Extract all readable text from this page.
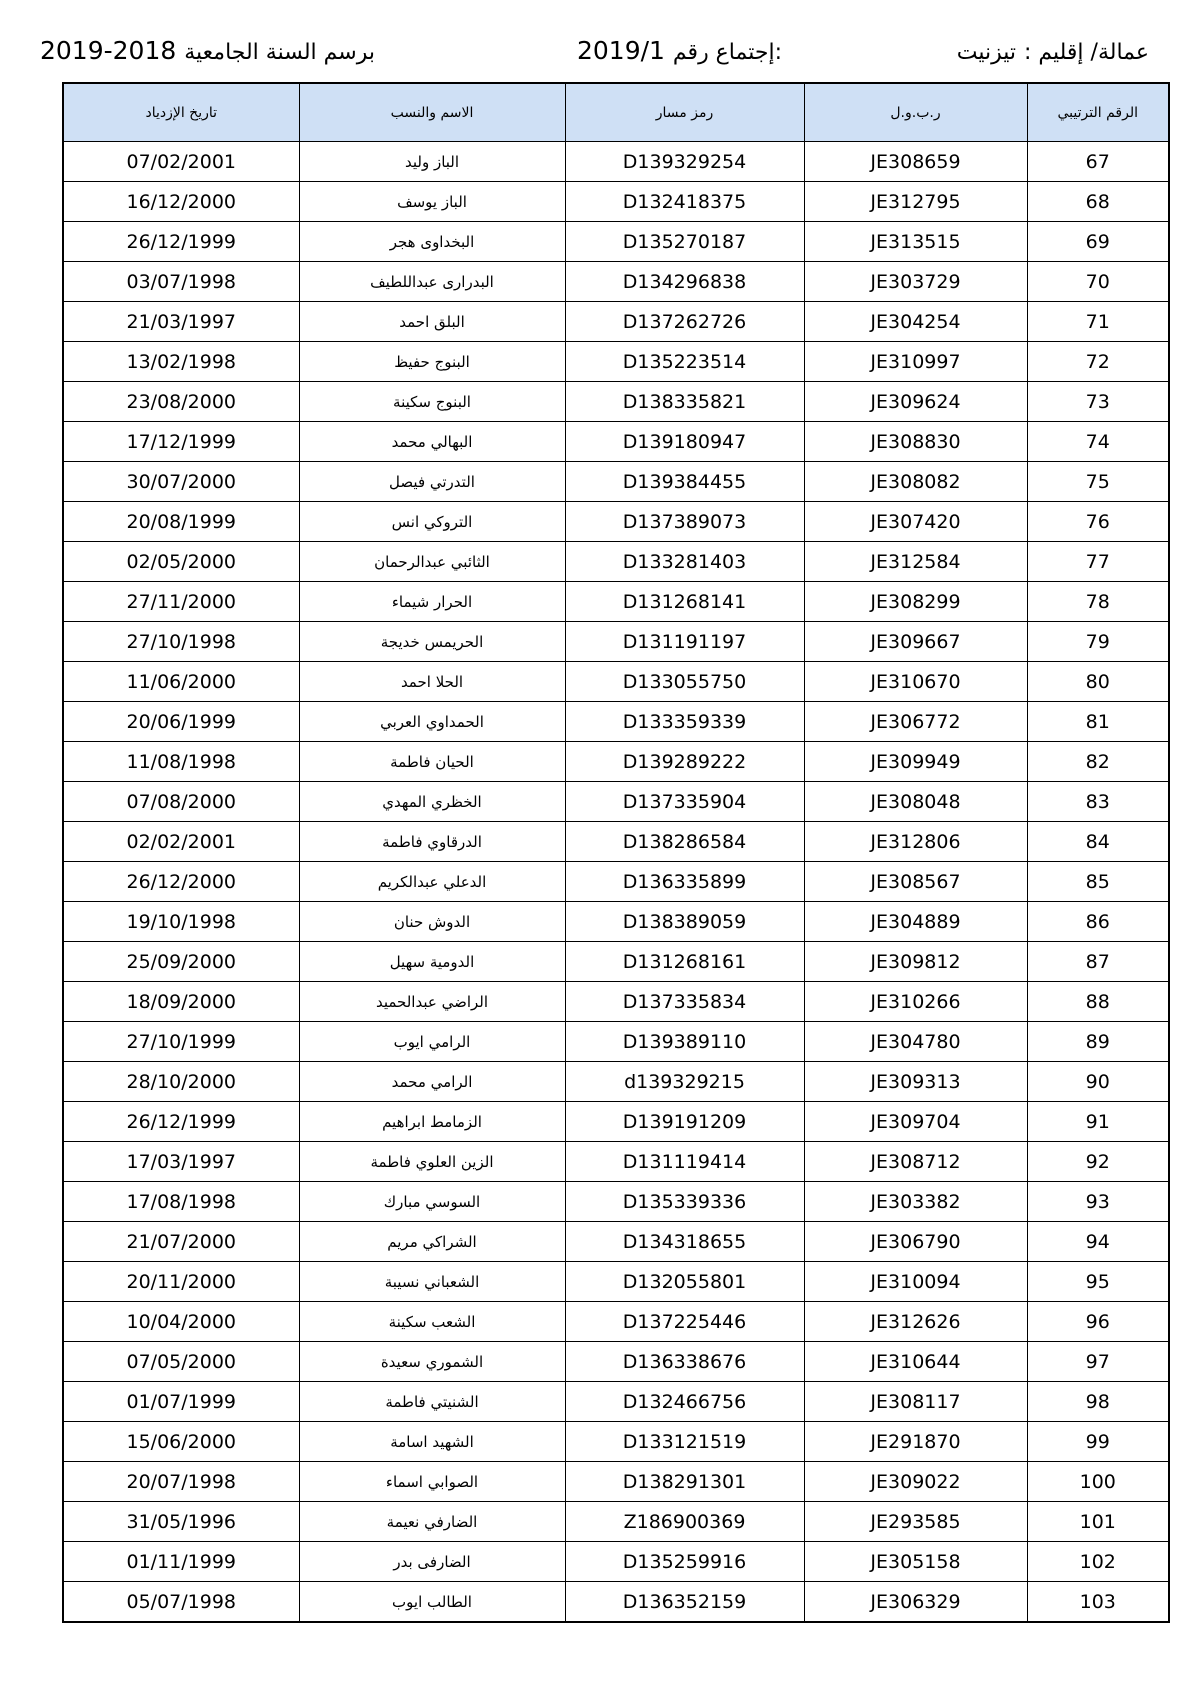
2019-2018 برسم السنة الجامعية	2019/1 إجتماع رقم:	عمالة/ إقليم : تيزنيت
تاريخ الإزدياد	الاسم والنسب	رمز مسار	ر.ب.و.ل	الرقم الترتيبي
07/02/2001	الباز وليد	D139329254	JE308659	67
16/12/2000	الباز يوسف	D132418375	JE312795	68
26/12/1999	البخداوى هجر	D135270187	JE313515	69
03/07/1998	البدرارى عبداللطيف	D134296838	JE303729	70
21/03/1997	البلق احمد	D137262726	JE304254	71
13/02/1998	البنوج حفيظ	D135223514	JE310997	72
23/08/2000	البنوج سكينة	D138335821	JE309624	73
17/12/1999	البهالي محمد	D139180947	JE308830	74
30/07/2000	التدرتي فيصل	D139384455	JE308082	75
20/08/1999	التروكي انس	D137389073	JE307420	76
02/05/2000	الثائبي عبدالرحمان	D133281403	JE312584	77
27/11/2000	الحرار شيماء	D131268141	JE308299	78
27/10/1998	الحريمس خديجة	D131191197	JE309667	79
11/06/2000	الحلا احمد	D133055750	JE310670	80
20/06/1999	الحمداوي العربي	D133359339	JE306772	81
11/08/1998	الحيان فاطمة	D139289222	JE309949	82
07/08/2000	الخظري المهدي	D137335904	JE308048	83
02/02/2001	الدرقاوي فاطمة	D138286584	JE312806	84
26/12/2000	الدعلي عبدالكريم	D136335899	JE308567	85
19/10/1998	الدوش حنان	D138389059	JE304889	86
25/09/2000	الدومية سهيل	D131268161	JE309812	87
18/09/2000	الراضي عبدالحميد	D137335834	JE310266	88
27/10/1999	الرامي ايوب	D139389110	JE304780	89
28/10/2000	الرامي محمد	d139329215	JE309313	90
26/12/1999	الزمامط ابراهيم	D139191209	JE309704	91
17/03/1997	الزين العلوي فاطمة	D131119414	JE308712	92
17/08/1998	السوسي مبارك	D135339336	JE303382	93
21/07/2000	الشراكي مريم	D134318655	JE306790	94
20/11/2000	الشعباني نسيبة	D132055801	JE310094	95
10/04/2000	الشعب سكينة	D137225446	JE312626	96
07/05/2000	الشموري سعيدة	D136338676	JE310644	97
01/07/1999	الشنيتي فاطمة	D132466756	JE308117	98
15/06/2000	الشهيد اسامة	D133121519	JE291870	99
20/07/1998	الصوابي اسماء	D138291301	JE309022	100
31/05/1996	الضارفي نعيمة	Z186900369	JE293585	101
01/11/1999	الضارفى بدر	D135259916	JE305158	102
05/07/1998	الطالب ايوب	D136352159	JE306329	103
